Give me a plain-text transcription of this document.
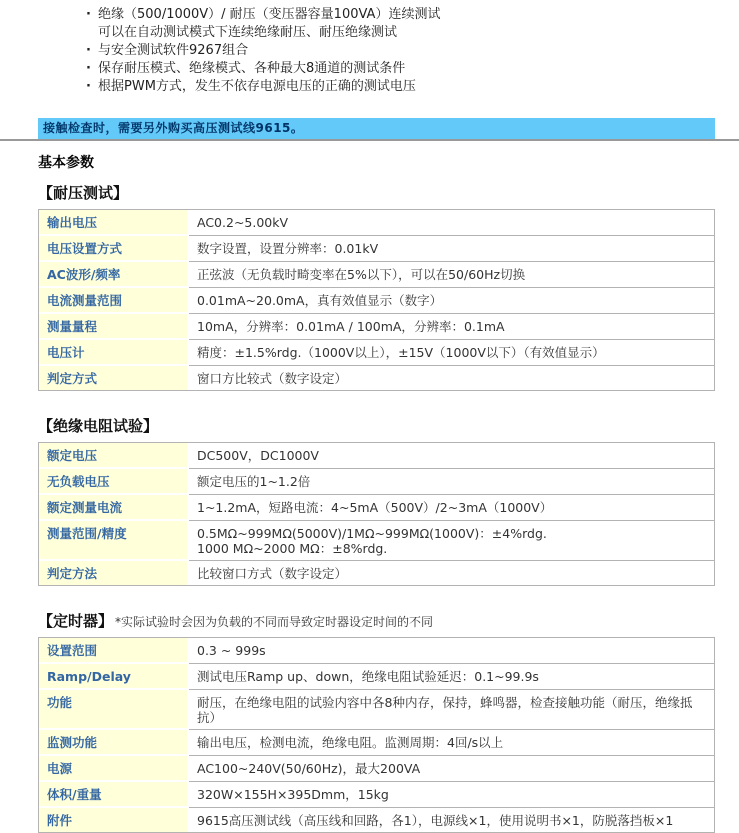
· 绝缘（500/1000V）/ 耐压（变压器容量100VA）连续测试
可以在自动测试模式下连续绝缘耐压、耐压绝缘测试
· 与安全测试软件9267组合
· 保存耐压模式、绝缘模式、各种最大8通道的测试条件
· 根据PWM方式，发生不依存电源电压的正确的测试电压
接触检查时，需要另外购买高压测试线9615。
基本参数
【耐压测试】
输出电压	AC0.2~5.00kV
电压设置方式	数字设置，设置分辨率：0.01kV
AC波形/频率	正弦波（无负载时畸变率在5%以下），可以在50/60Hz切换
电流测量范围	0.01mA~20.0mA，真有效值显示（数字）
测量量程	10mA，分辨率：0.01mA / 100mA，分辨率：0.1mA
电压计	精度：±1.5%rdg.（1000V以上），±15V（1000V以下）（有效值显示）
判定方式	窗口方比较式（数字设定）
【绝缘电阻试验】
额定电压	DC500V，DC1000V
无负载电压	额定电压的1~1.2倍
额定测量电流	1~1.2mA，短路电流：4~5mA（500V）/2~3mA（1000V）
测量范围/精度	0.5MΩ~999MΩ(5000V)/1MΩ~999MΩ(1000V)：±4%rdg.
1000 MΩ~2000 MΩ：±8%rdg.

判定方法	比较窗口方式（数字设定）
【定时器】 *实际试验时会因为负载的不同而导致定时器设定时间的不同
设置范围	0.3 ~ 999s
Ramp/Delay	测试电压Ramp up、down，绝缘电阻试验延迟：0.1~99.9s
功能	耐压，在绝缘电阻的试验内容中各8种内存，保持，蜂鸣器，检查接触功能（耐压，绝缘抵抗）
监测功能	输出电压，检测电流，绝缘电阻。监测周期：4回/s以上
电源	AC100~240V(50/60Hz)，最大200VA
体积/重量	320W×155H×395Dmm，15kg
附件	9615高压测试线（高压线和回路，各1），电源线×1，使用说明书×1，防脱落挡板×1
